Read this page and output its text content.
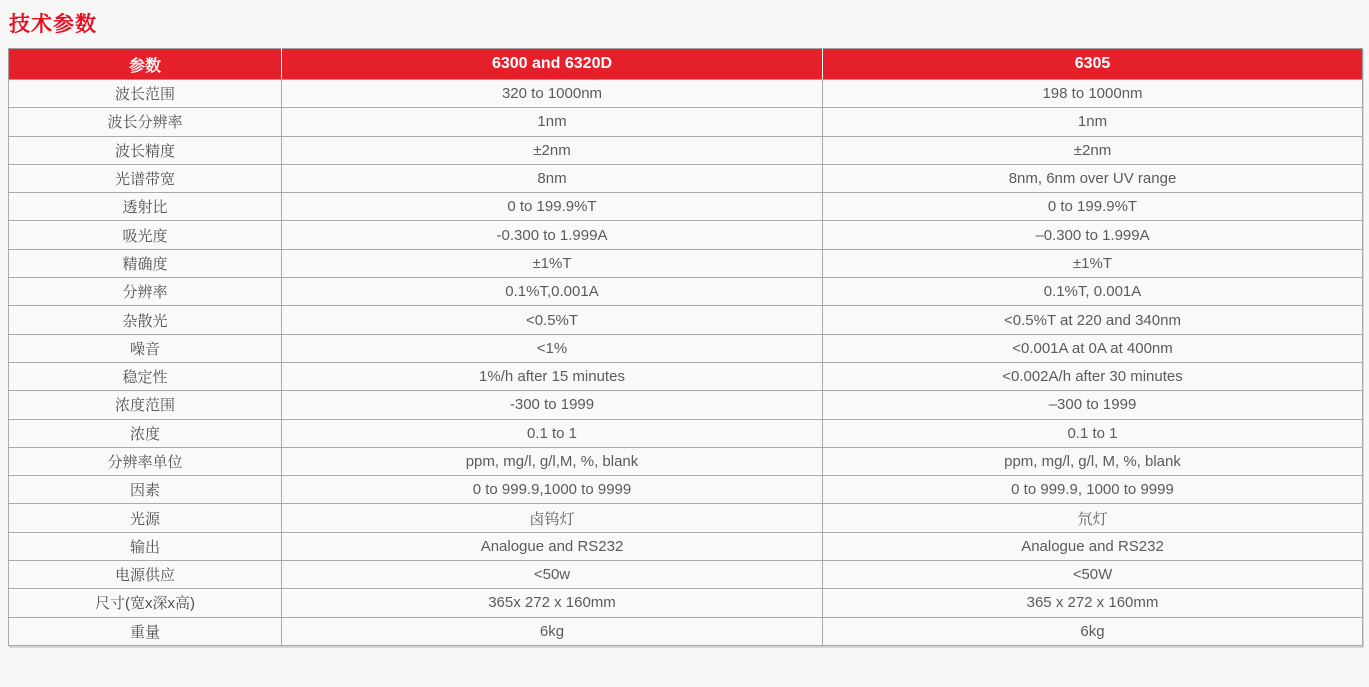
技术参数
参数	6300 and 6320D	6305
波长范围	320 to 1000nm	198 to 1000nm
波长分辨率	1nm	1nm
波长精度	±2nm	±2nm
光谱带宽	8nm	8nm, 6nm over UV range
透射比	0 to 199.9%T	0 to 199.9%T
吸光度	-0.300 to 1.999A	–0.300 to 1.999A
精确度	±1%T	±1%T
分辨率	0.1%T,0.001A	0.1%T, 0.001A
杂散光	<0.5%T	<0.5%T at 220 and 340nm
噪音	<1%	<0.001A at 0A at 400nm
稳定性	1%/h after 15 minutes	<0.002A/h after 30 minutes
浓度范围	-300 to 1999	–300 to 1999
浓度	0.1 to 1	0.1 to 1
分辨率单位	ppm, mg/l, g/l,M, %, blank	ppm, mg/l, g/l, M, %, blank
因素	0 to 999.9,1000 to 9999	0 to 999.9, 1000 to 9999
光源	卤钨灯	氘灯
输出	Analogue and RS232	Analogue and RS232
电源供应	<50w	<50W
尺寸(宽x深x高)	365x 272 x 160mm	365 x 272 x 160mm
重量	6kg	6kg
